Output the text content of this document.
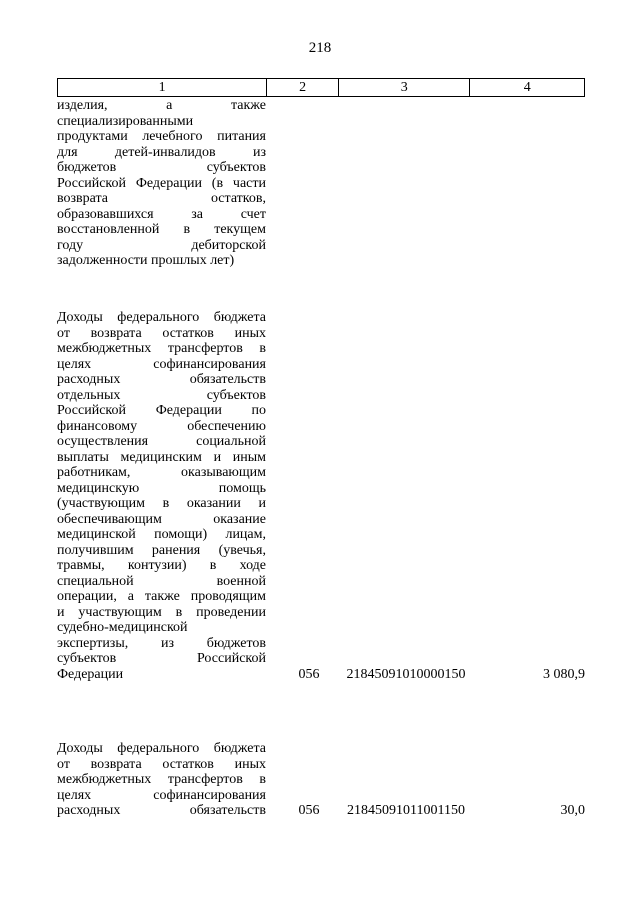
218
1	2	3	4
изделия, а также
специализированными
продуктами лечебного питания
для детей-инвалидов из
бюджетов субъектов
Российской Федерации (в части
возврата остатков,
образовавшихся за счет
восстановленной в текущем
году дебиторской
задолженности прошлых лет)
Доходы федерального бюджета
от возврата остатков иных
межбюджетных трансфертов в
целях софинансирования
расходных обязательств
отдельных субъектов
Российской Федерации по
финансовому обеспечению
осуществления социальной
выплаты медицинским и иным
работникам, оказывающим
медицинскую помощь
(участвующим в оказании и
обеспечивающим оказание
медицинской помощи) лицам,
получившим ранения (увечья,
травмы, контузии) в ходе
специальной военной
операции, а также проводящим
и участвующим в проведении
судебно-медицинской
экспертизы, из бюджетов
субъектов Российской
Федерации	056	21845091010000150	3 080,9
Доходы федерального бюджета
от возврата остатков иных
межбюджетных трансфертов в
целях софинансирования
расходных обязательств	056	21845091011001150	30,0
